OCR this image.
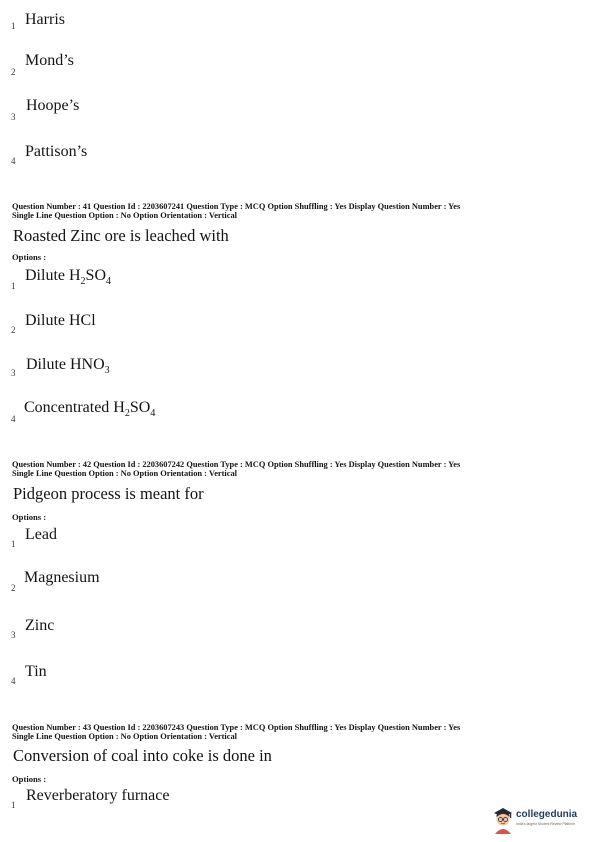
1 Harris
2
Mond’s
3
Hoope’s
4
Pattison’s
Question Number : 41 Question Id : 2203607241 Question Type : MCQ Option Shuffling : Yes Display Question Number : Yes
Single Line Question Option : No Option Orientation : Vertical
Roasted Zinc ore is leached with
Options :
1
Dilute $H_2SO_4$
2
Dilute HCl
3 Dilute $HNO_3$
4
Concentrated $H_2SO_4$
Question Number : 42 Question Id : 2203607242 Question Type : MCQ Option Shuffling : Yes Display Question Number : Yes
Single Line Question Option : No Option Orientation : Vertical
Pidgeon process is meant for
Options :
1
Lead
2
Magnesium
3
Zinc
4
Tin
Question Number : 43 Question Id : 2203607243 Question Type : MCQ Option Shuffling : Yes Display Question Number : Yes
Single Line Question Option : No Option Orientation : Vertical
Conversion of coal into coke is done in
Options :
1
Reverberatory furnace
collegedunia
India's largest Student Review Platform
